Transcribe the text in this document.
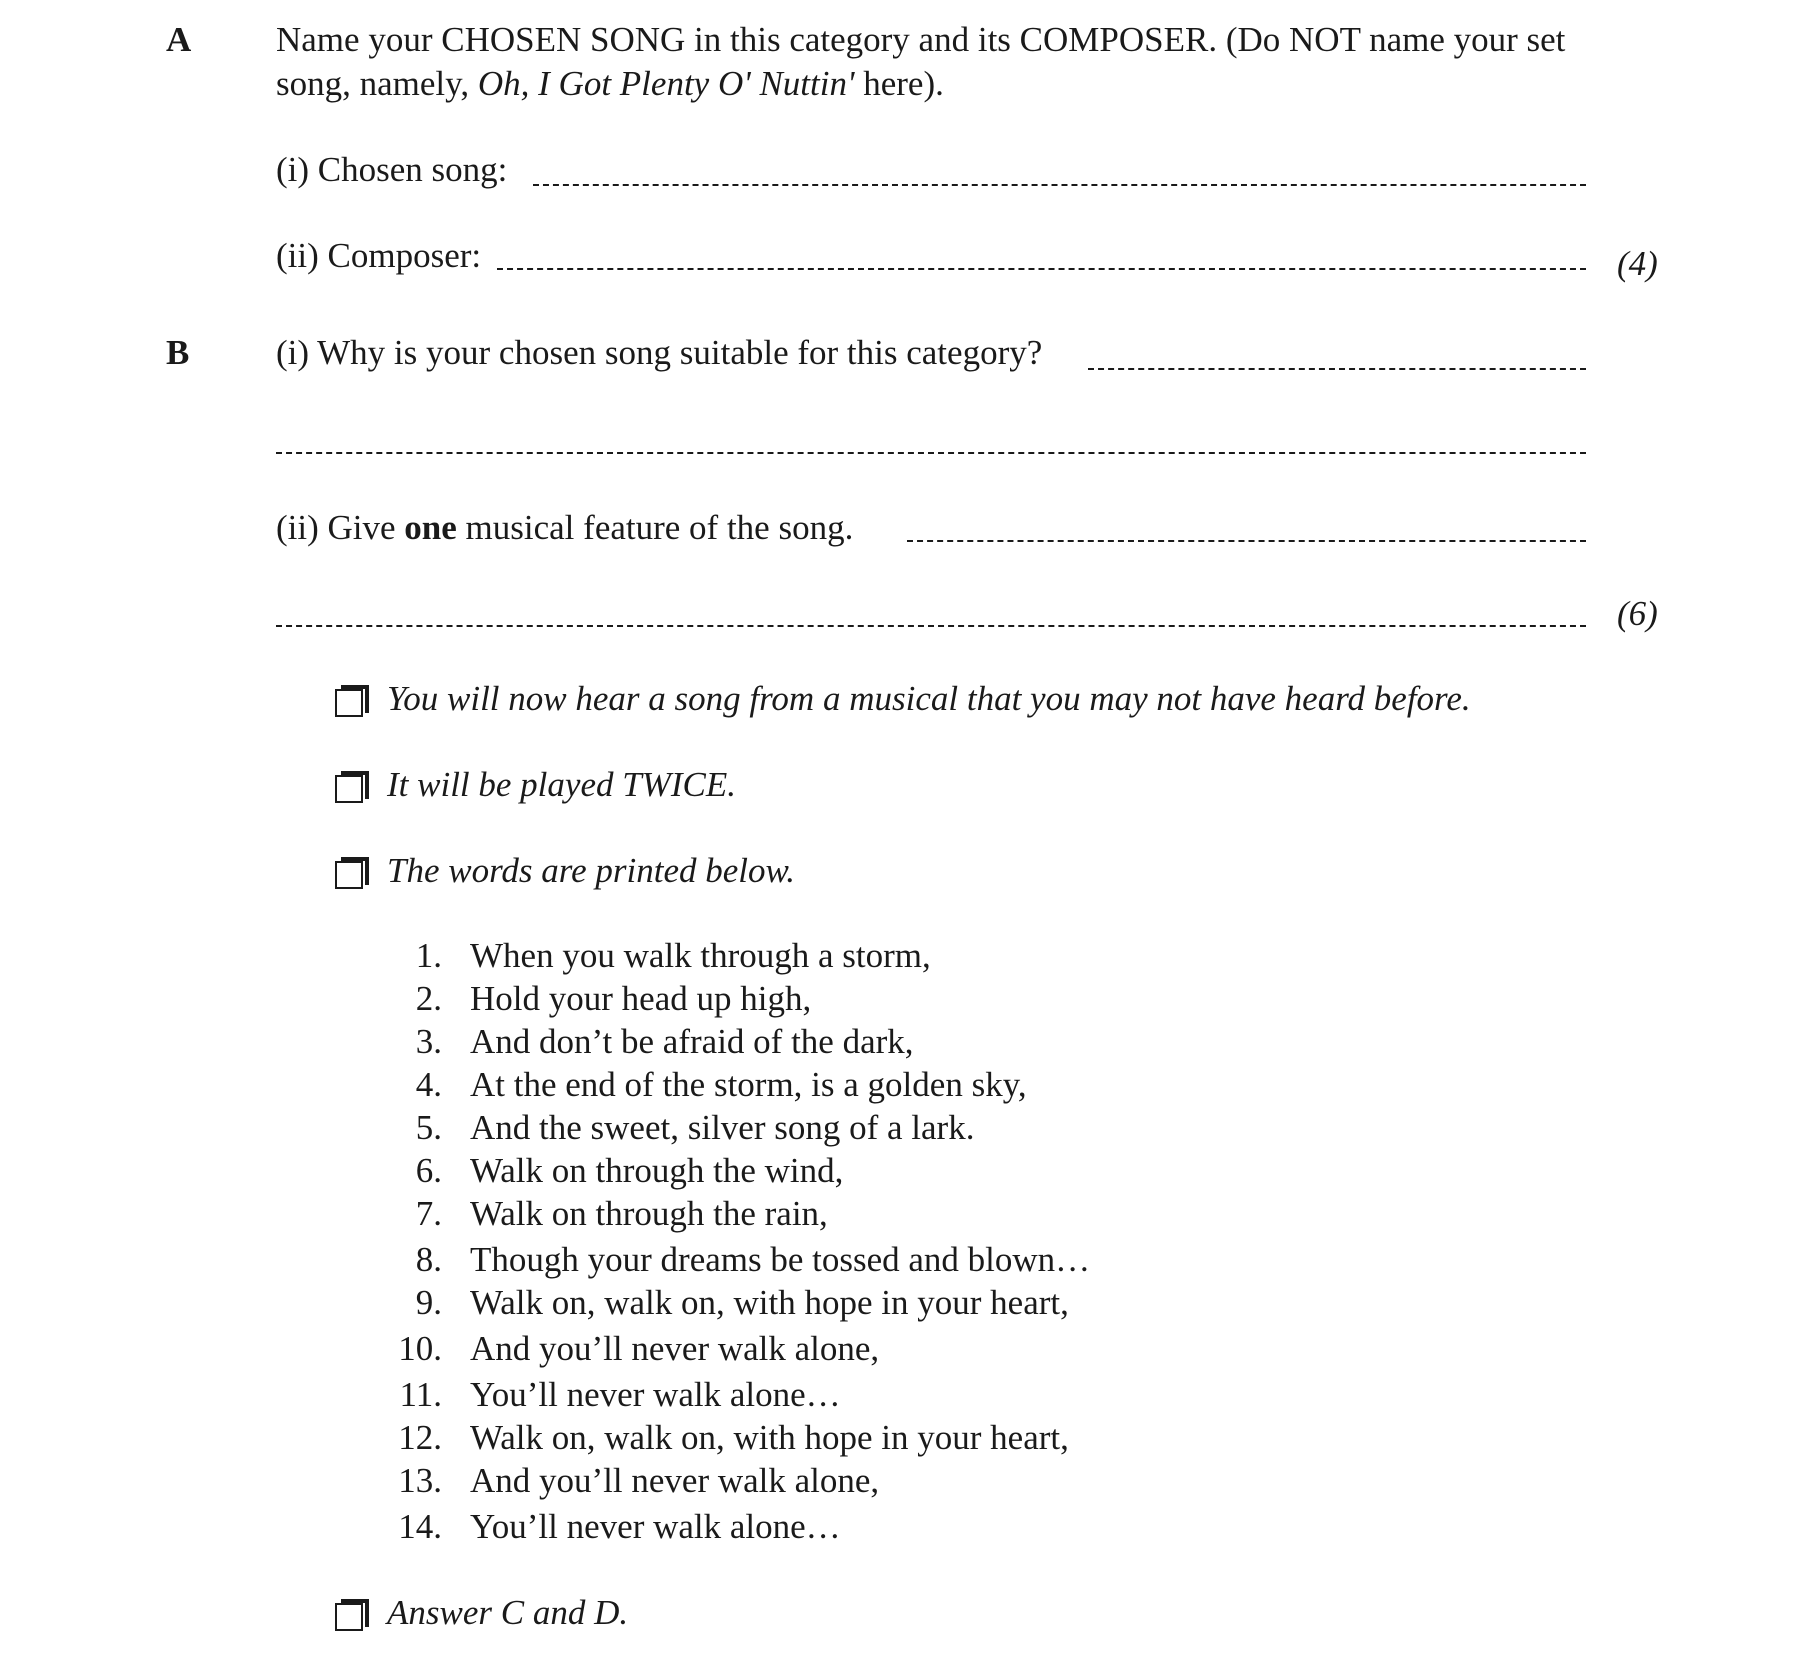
A Name your CHOSEN SONG in this category and its COMPOSER. (Do NOT name your set
song, namely, Oh, I Got Plenty O' Nuttin' here).
(i) Chosen song:
(ii) Composer:	(4)
B (i) Why is your chosen song suitable for this category?
(ii) Give one musical feature of the song.
(6)
You will now hear a song from a musical that you may not have heard before.
It will be played TWICE.
The words are printed below.
1. When you walk through a storm,
2. Hold your head up high,
3. And don’t be afraid of the dark,
4. At the end of the storm, is a golden sky,
5. And the sweet, silver song of a lark.
6. Walk on through the wind,
7. Walk on through the rain,
8. Though your dreams be tossed and blown…
9. Walk on, walk on, with hope in your heart,
10. And you’ll never walk alone,
11. You’ll never walk alone…
12. Walk on, walk on, with hope in your heart,
13. And you’ll never walk alone,
14. You’ll never walk alone…
Answer C and D.
